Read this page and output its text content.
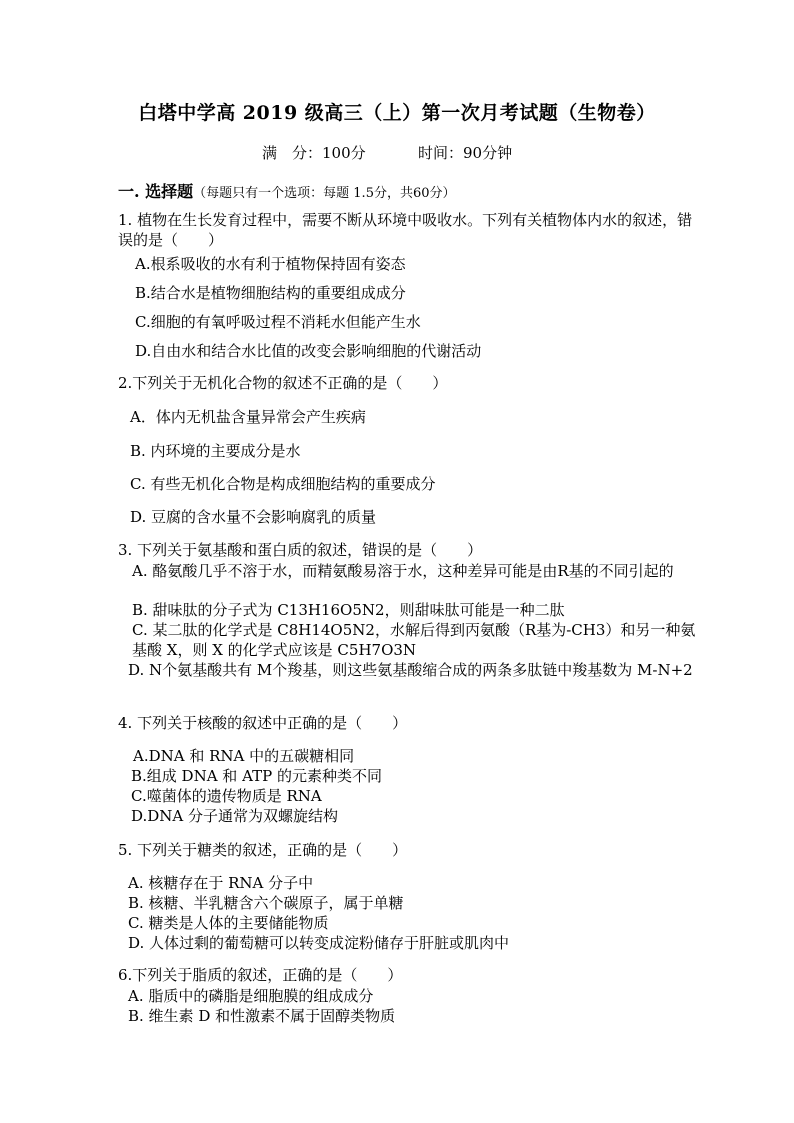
白塔中学高 2019 级高三（上）第一次月考试题（生物卷）
满　分：100分	时间：90分钟
一. 选择题（每题只有一个选项：每题 1.5分，共60分）
1. 植物在生长发育过程中，需要不断从环境中吸收水。下列有关植物体内水的叙述，错误的是（　　）
A.根系吸收的水有利于植物保持固有姿态
B.结合水是植物细胞结构的重要组成成分
C.细胞的有氧呼吸过程不消耗水但能产生水
D.自由水和结合水比值的改变会影响细胞的代谢活动
2.下列关于无机化合物的叙述不正确的是（　　）
A．体内无机盐含量异常会产生疾病
B. 内环境的主要成分是水
C. 有些无机化合物是构成细胞结构的重要成分
D. 豆腐的含水量不会影响腐乳的质量
3. 下列关于氨基酸和蛋白质的叙述，错误的是（　　）
A. 酪氨酸几乎不溶于水，而精氨酸易溶于水，这种差异可能是由R基的不同引起的
B. 甜味肽的分子式为 C13H16O5N2，则甜味肽可能是一种二肽
C. 某二肽的化学式是 C8H14O5N2，水解后得到丙氨酸（R基为-CH3）和另一种氨基酸 X，则 X 的化学式应该是 C5H7O3N
D. N个氨基酸共有 M个羧基，则这些氨基酸缩合成的两条多肽链中羧基数为 M-N+2
4. 下列关于核酸的叙述中正确的是（　　）
A.DNA 和 RNA 中的五碳糖相同
B.组成 DNA 和 ATP 的元素种类不同
C.噬菌体的遗传物质是 RNA
D.DNA 分子通常为双螺旋结构
5. 下列关于糖类的叙述，正确的是（　　）
A. 核糖存在于 RNA 分子中
B. 核糖、半乳糖含六个碳原子，属于单糖
C. 糖类是人体的主要储能物质
D. 人体过剩的葡萄糖可以转变成淀粉储存于肝脏或肌肉中
6.下列关于脂质的叙述，正确的是（　　）
A. 脂质中的磷脂是细胞膜的组成成分
B. 维生素 D 和性激素不属于固醇类物质
